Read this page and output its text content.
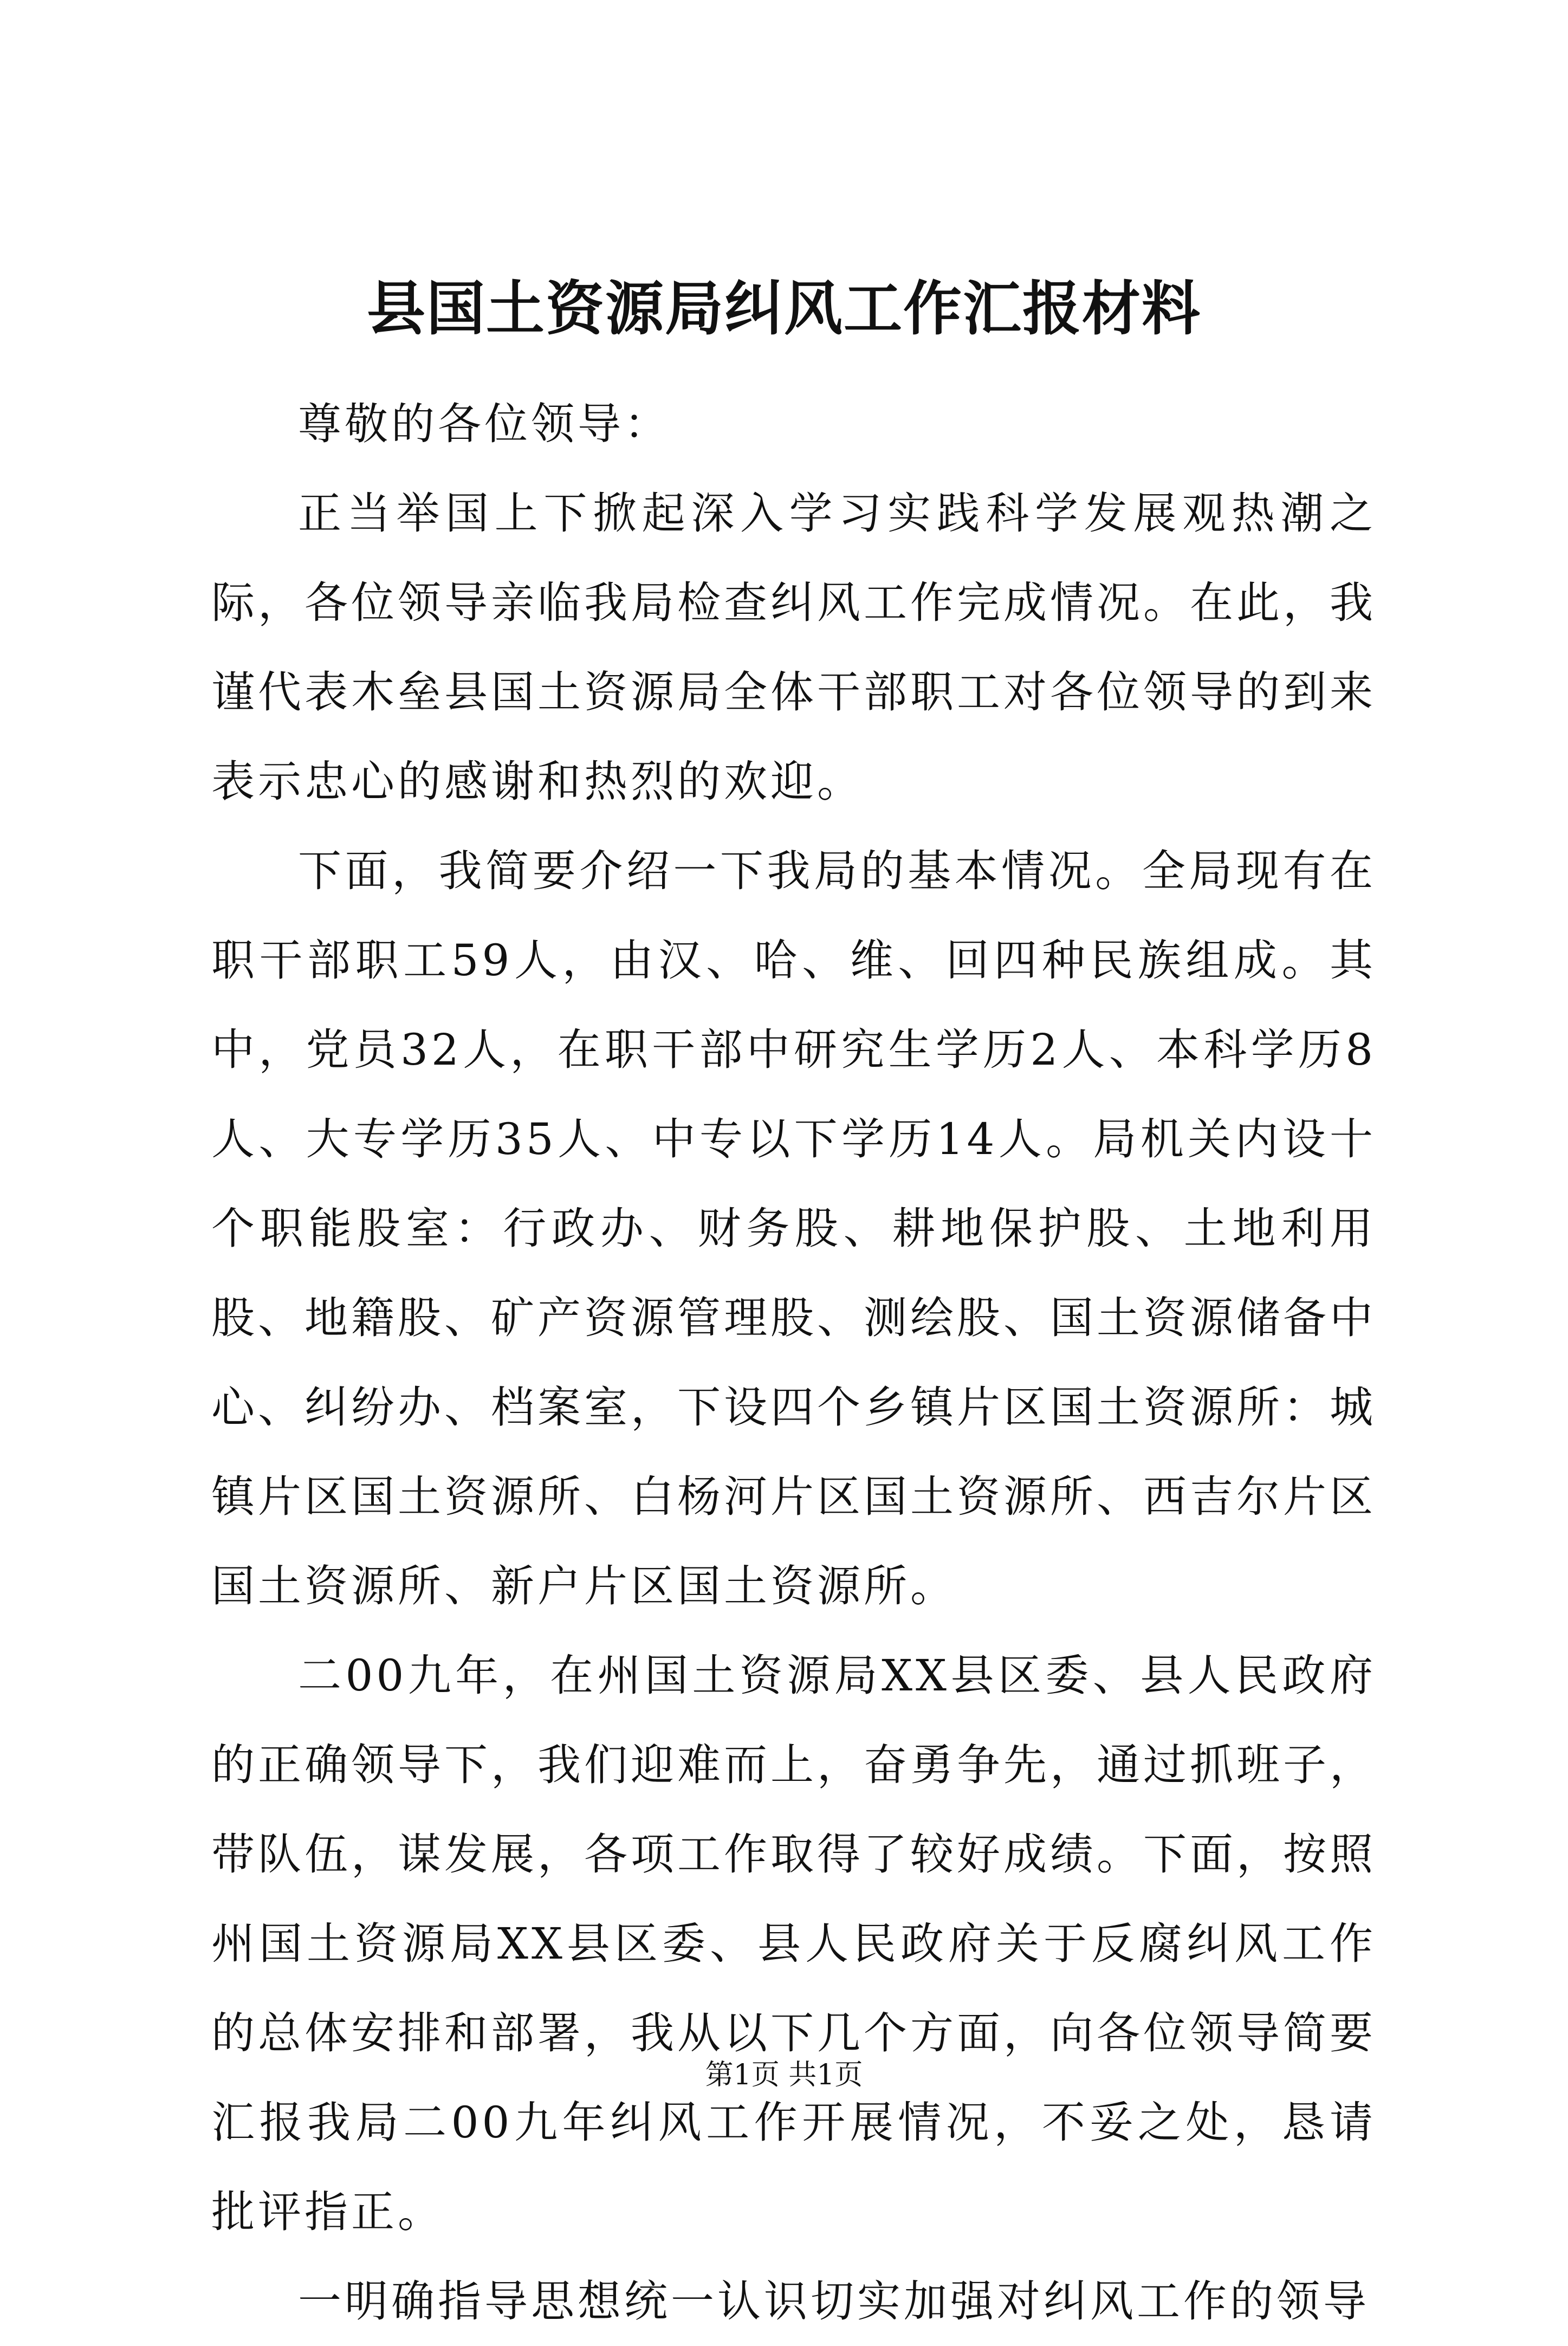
县国土资源局纠风工作汇报材料

尊敬的各位领导：

正当举国上下掀起深入学习实践科学发展观热潮之际，各位领导亲临我局检查纠风工作完成情况。在此，我谨代表木垒县国土资源局全体干部职工对各位领导的到来表示忠心的感谢和热烈的欢迎。

下面，我简要介绍一下我局的基本情况。全局现有在职干部职工59人，由汉、哈、维、回四种民族组成。其中，党员32人，在职干部中研究生学历2人、本科学历8人、大专学历35人、中专以下学历14人。局机关内设十个职能股室：行政办、财务股、耕地保护股、土地利用股、地籍股、矿产资源管理股、测绘股、国土资源储备中心、纠纷办、档案室，下设四个乡镇片区国土资源所：城镇片区国土资源所、白杨河片区国土资源所、西吉尔片区国土资源所、新户片区国土资源所。

二00九年，在州国土资源局XX县区委、县人民政府的正确领导下，我们迎难而上，奋勇争先，通过抓班子，带队伍，谋发展，各项工作取得了较好成绩。下面，按照州国土资源局XX县区委、县人民政府关于反腐纠风工作的总体安排和部署，我从以下几个方面，向各位领导简要汇报我局二00九年纠风工作开展情况，不妥之处，恳请批评指正。

一明确指导思想统一认识切实加强对纠风工作的领导

第1页 共1页
